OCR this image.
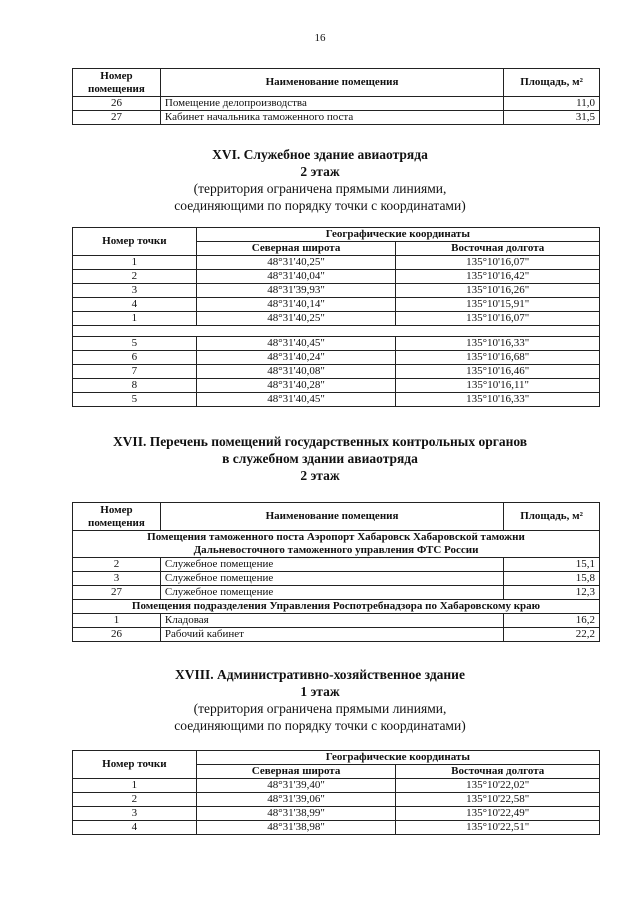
16
Номер помещения	Наименование помещения	Площадь, м²
26	Помещение делопроизводства	11,0
27	Кабинет начальника таможенного поста	31,5
XVI. Служебное здание авиаотряда
2 этаж
(территория ограничена прямыми линиями,
соединяющими по порядку точки с координатами)
Номер точки	Географические координаты	
	Северная широта	Восточная долгота
1	48°31'40,25"	135°10'16,07"
2	48°31'40,04"	135°10'16,42"
3	48°31'39,93"	135°10'16,26"
4	48°31'40,14"	135°10'15,91"
1	48°31'40,25"	135°10'16,07"

5	48°31'40,45"	135°10'16,33"
6	48°31'40,24"	135°10'16,68"
7	48°31'40,08"	135°10'16,46"
8	48°31'40,28"	135°10'16,11"
5	48°31'40,45"	135°10'16,33"
XVII. Перечень помещений государственных контрольных органов
в служебном здании авиаотряда
2 этаж
Номер помещения	Наименование помещения	Площадь, м²

Помещения таможенного поста Аэропорт Хабаровск Хабаровской таможни
Дальневосточного таможенного управления ФТС России		

2	Служебное помещение	15,1
3	Служебное помещение	15,8
27	Служебное помещение	12,3
Помещения подразделения Управления Роспотребнадзора по Хабаровскому краю		
1	Кладовая	16,2
26	Рабочий кабинет	22,2
XVIII. Административно-хозяйственное здание
1 этаж
(территория ограничена прямыми линиями,
соединяющими по порядку точки с координатами)
Номер точки	Географические координаты	
	Северная широта	Восточная долгота
1	48°31'39,40"	135°10'22,02"
2	48°31'39,06"	135°10'22,58"
3	48°31'38,99"	135°10'22,49"
4	48°31'38,98"	135°10'22,51"
